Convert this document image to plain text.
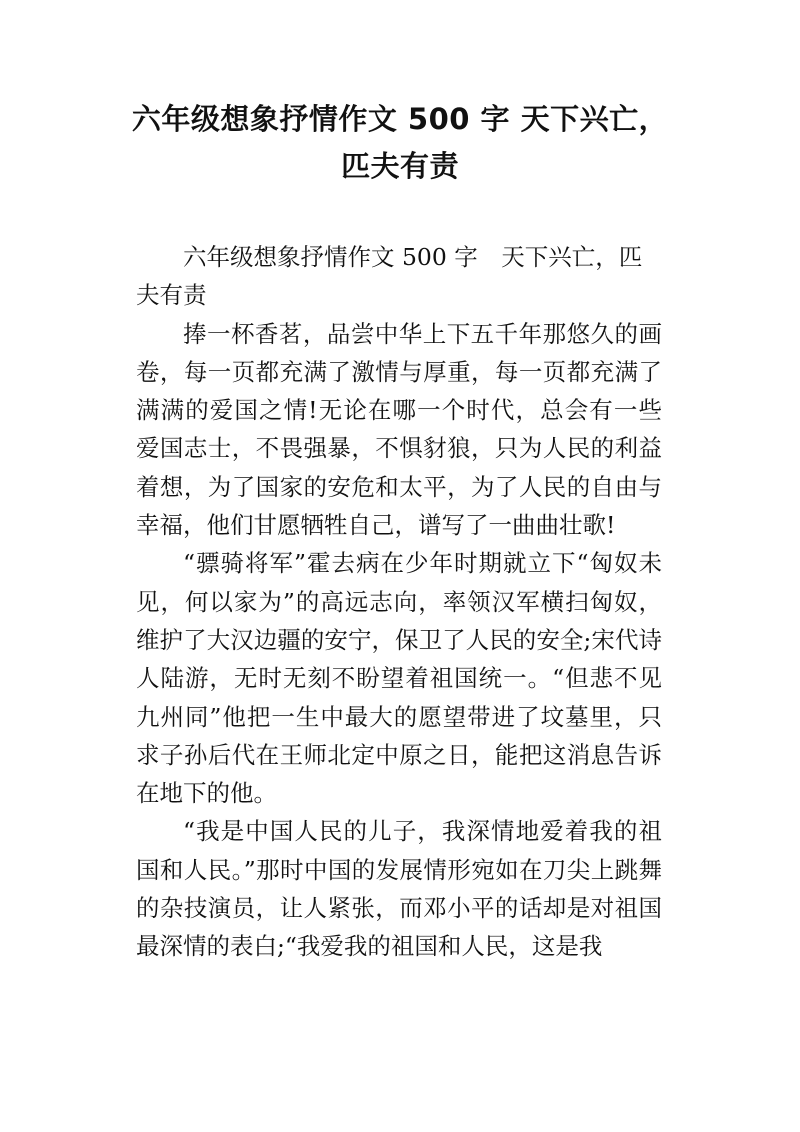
六年级想象抒情作文 500 字 天下兴亡，
匹夫有责

六年级想象抒情作文 500 字　天下兴亡，匹夫有责

捧一杯香茗，品尝中华上下五千年那悠久的画卷，每一页都充满了激情与厚重，每一页都充满了满满的爱国之情!无论在哪一个时代，总会有一些爱国志士，不畏强暴，不惧豺狼，只为人民的利益着想，为了国家的安危和太平，为了人民的自由与幸福，他们甘愿牺牲自己，谱写了一曲曲壮歌!

“骠骑将军”霍去病在少年时期就立下“匈奴未见，何以家为”的高远志向，率领汉军横扫匈奴，维护了大汉边疆的安宁，保卫了人民的安全;宋代诗人陆游，无时无刻不盼望着祖国统一。“但悲不见九州同”他把一生中最大的愿望带进了坟墓里，只求子孙后代在王师北定中原之日，能把这消息告诉在地下的他。

“我是中国人民的儿子，我深情地爱着我的祖国和人民。”那时中国的发展情形宛如在刀尖上跳舞的杂技演员，让人紧张，而邓小平的话却是对祖国最深情的表白;“我爱我的祖国和人民，这是我
